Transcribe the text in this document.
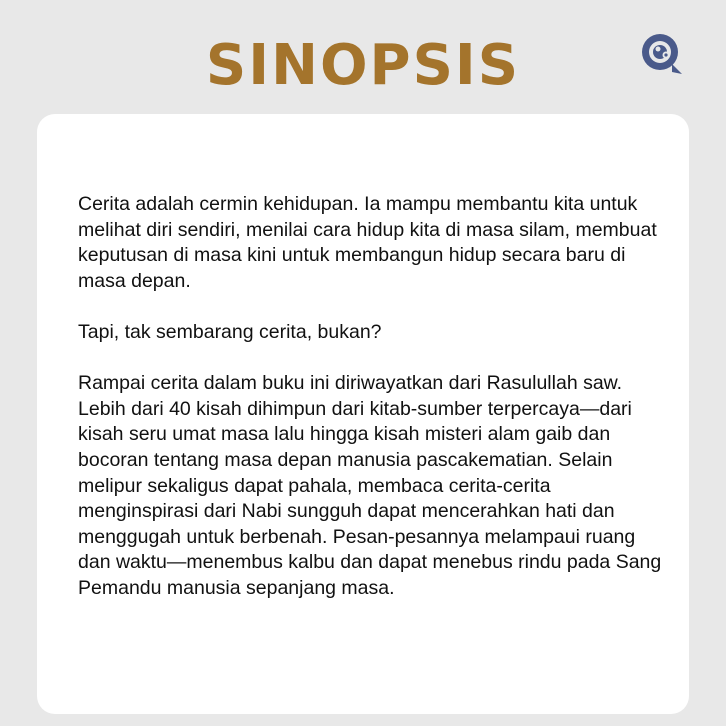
SINOPSIS

Cerita adalah cermin kehidupan. Ia mampu membantu kita untuk melihat diri sendiri, menilai cara hidup kita di masa silam, membuat keputusan di masa kini untuk membangun hidup secara baru di masa depan.

Tapi, tak sembarang cerita, bukan?

Rampai cerita dalam buku ini diriwayatkan dari Rasulullah saw. Lebih dari 40 kisah dihimpun dari kitab-sumber terpercaya—dari kisah seru umat masa lalu hingga kisah misteri alam gaib dan bocoran tentang masa depan manusia pascakematian. Selain melipur sekaligus dapat pahala, membaca cerita-cerita menginspirasi dari Nabi sungguh dapat mencerahkan hati dan menggugah untuk berbenah. Pesan-pesannya melampaui ruang dan waktu—menembus kalbu dan dapat menebus rindu pada Sang Pemandu manusia sepanjang masa.
